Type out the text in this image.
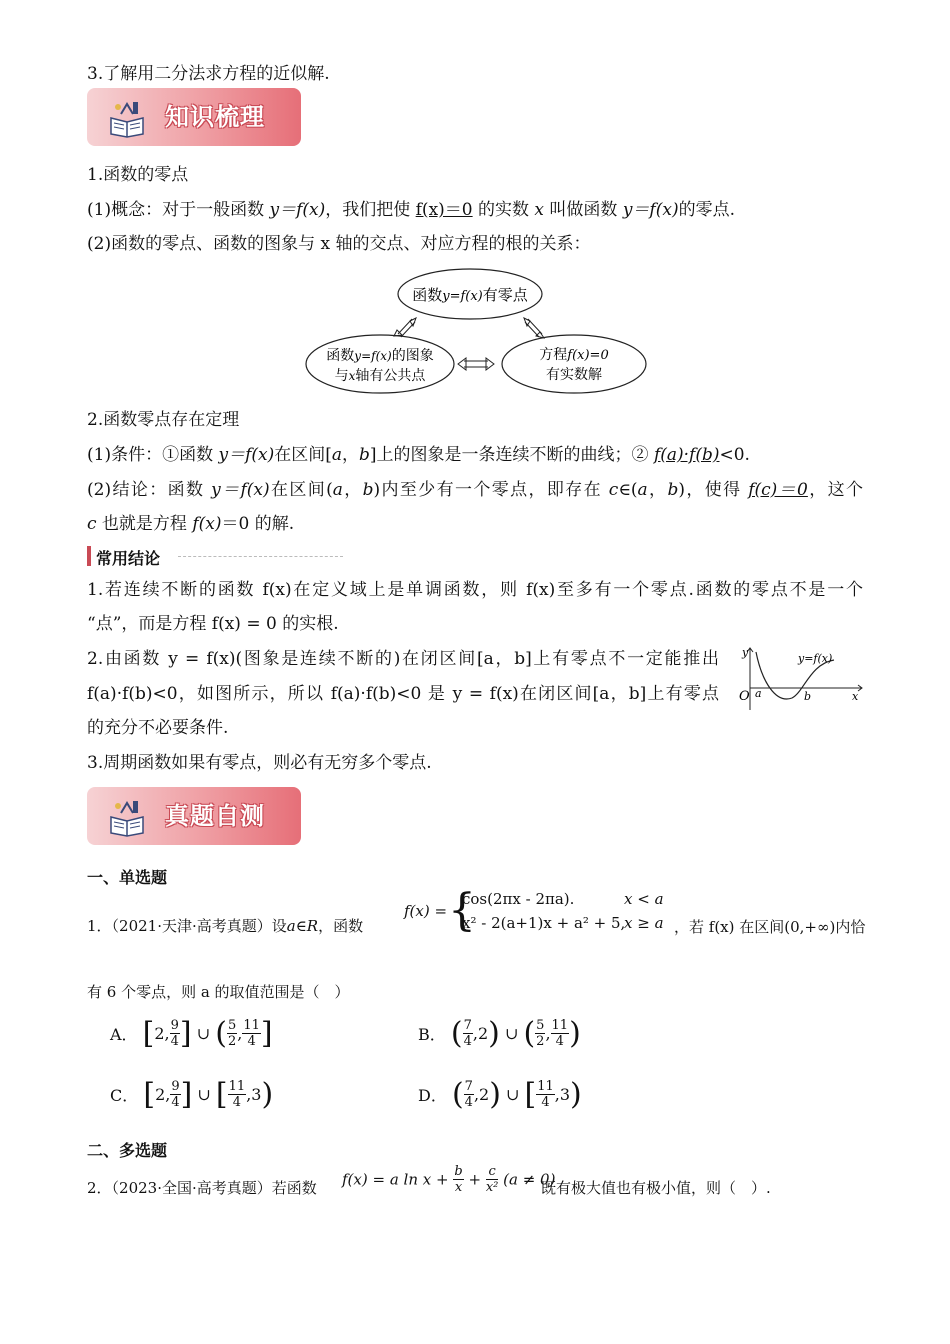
3.了解用二分法求方程的近似解.
知识梳理
1.函数的零点
(1)概念：对于一般函数 y＝f(x)，我们把使 f(x)＝0 的实数 x 叫做函数 y＝f(x)的零点.
(2)函数的零点、函数的图象与 x 轴的交点、对应方程的根的关系：
函数y=f(x)有零点
函数y=f(x)的图象
与x轴有公共点
方程f(x)=0
有实数解
2.函数零点存在定理
(1)条件：①函数 y＝f(x)在区间[a，b]上的图象是一条连续不断的曲线；② f(a)·f(b)<0.
(2)结论：函数 y＝f(x)在区间(a，b)内至少有一个零点，即存在 c∈(a，b)，使得 f(c)＝0，这个
c 也就是方程 f(x)＝0 的解.
常用结论
1.若连续不断的函数 f(x)在定义域上是单调函数，则 f(x)至多有一个零点.函数的零点不是一个
“点”，而是方程 f(x) = 0 的实根.
2.由函数 y = f(x)(图象是连续不断的)在闭区间[a，b]上有零点不一定能推出
f(a)·f(b)<0，如图所示，所以 f(a)·f(b)<0 是 y = f(x)在闭区间[a，b]上有零点
的充分不必要条件.
y
x
O a	b
y=f(x)
3.周期函数如果有零点，则必有无穷多个零点.
真题自测
一、单选题
1．（2021·天津·高考真题）设a∈R，函数
f(x) = {
cos(2πx - 2πa).	x < a
x² - 2(a+1)x + a² + 5,
x ≥ a ，若 f(x) 在区间(0,+∞)内恰
有 6 个零点，则 a 的取值范围是（　）
A． [2, $\frac{9}{4}$ ] ∪ ( $\frac{5}{2}$ , $\frac{11}{4}$ ]	B． ( $\frac{7}{4} ,2$) ∪ ( $\frac{5}{2}$ , $\frac{11}{4}$ )
C． [2, $\frac{9}{4}$ ] ∪ [ $\frac{11}{4} ,3$)	D． ( $\frac{7}{4} ,2$) ∪ [ $\frac{11}{4} ,3$)
二、多选题
2．（2023·全国·高考真题）若函数 f(x) = a $\ln x + \frac{b}{x} + \frac{c}{\text{x²}} (a \ne 0)$
既有极大值也有极小值，则（　）.
